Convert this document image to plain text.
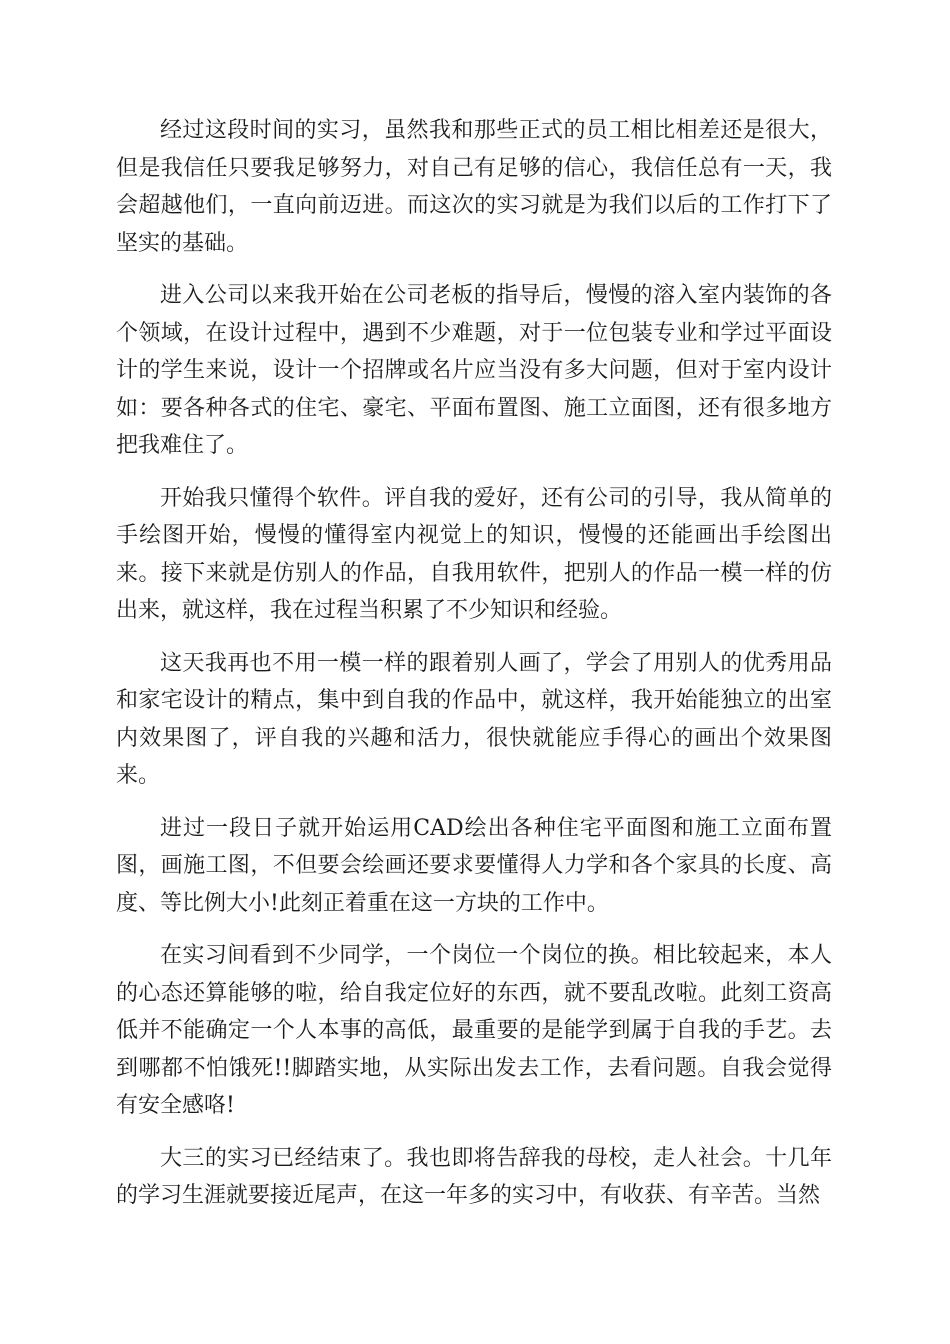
经过这段时间的实习，虽然我和那些正式的员工相比相差还是很大，但是我信任只要我足够努力，对自己有足够的信心，我信任总有一天，我会超越他们，一直向前迈进。而这次的实习就是为我们以后的工作打下了坚实的基础。

进入公司以来我开始在公司老板的指导后，慢慢的溶入室内装饰的各个领域，在设计过程中，遇到不少难题，对于一位包装专业和学过平面设计的学生来说，设计一个招牌或名片应当没有多大问题，但对于室内设计如：要各种各式的住宅、豪宅、平面布置图、施工立面图，还有很多地方把我难住了。

开始我只懂得个软件。评自我的爱好，还有公司的引导，我从简单的手绘图开始，慢慢的懂得室内视觉上的知识，慢慢的还能画出手绘图出来。接下来就是仿别人的作品，自我用软件，把别人的作品一模一样的仿出来，就这样，我在过程当积累了不少知识和经验。

这天我再也不用一模一样的跟着别人画了，学会了用别人的优秀用品和家宅设计的精点，集中到自我的作品中，就这样，我开始能独立的出室内效果图了，评自我的兴趣和活力，很快就能应手得心的画出个效果图来。

进过一段日子就开始运用CAD绘出各种住宅平面图和施工立面布置图，画施工图，不但要会绘画还要求要懂得人力学和各个家具的长度、高度、等比例大小!此刻正着重在这一方块的工作中。

在实习间看到不少同学，一个岗位一个岗位的换。相比较起来，本人的心态还算能够的啦，给自我定位好的东西，就不要乱改啦。此刻工资高低并不能确定一个人本事的高低，最重要的是能学到属于自我的手艺。去到哪都不怕饿死!!脚踏实地，从实际出发去工作，去看问题。自我会觉得有安全感咯!

大三的实习已经结束了。我也即将告辞我的母校，走人社会。十几年的学习生涯就要接近尾声，在这一年多的实习中，有收获、有辛苦。当然
